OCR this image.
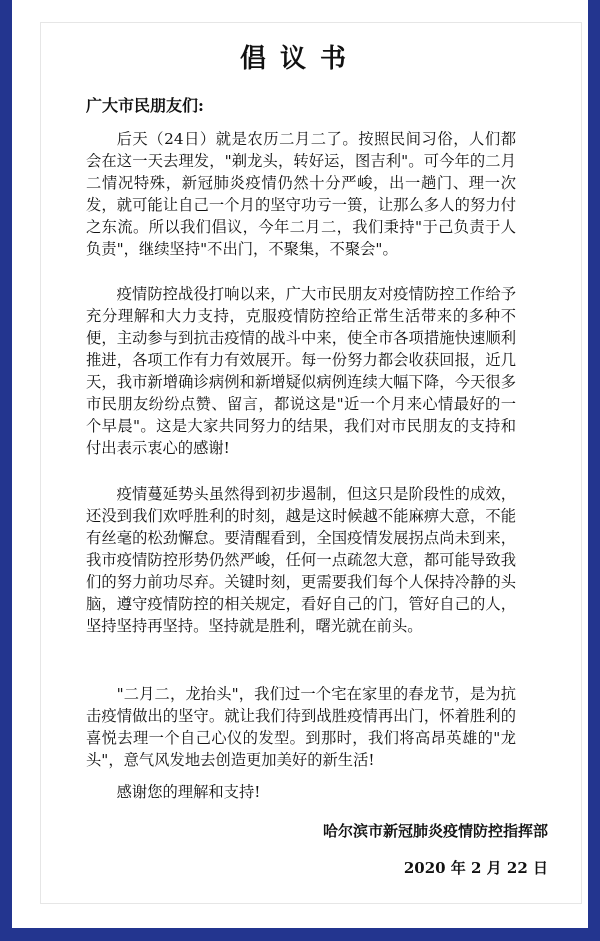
倡议书
广大市民朋友们:

后天（24日）就是农历二月二了。按照民间习俗，人们都会在这一天去理发，"剃龙头，转好运，图吉利"。可今年的二月二情况特殊，新冠肺炎疫情仍然十分严峻，出一趟门、理一次发，就可能让自己一个月的坚守功亏一篑，让那么多人的努力付之东流。所以我们倡议，今年二月二，我们秉持"于己负责于人负责"，继续坚持"不出门，不聚集，不聚会"。

疫情防控战役打响以来，广大市民朋友对疫情防控工作给予充分理解和大力支持，克服疫情防控给正常生活带来的多种不便，主动参与到抗击疫情的战斗中来，使全市各项措施快速顺利推进，各项工作有力有效展开。每一份努力都会收获回报，近几天，我市新增确诊病例和新增疑似病例连续大幅下降，今天很多市民朋友纷纷点赞、留言，都说这是"近一个月来心情最好的一个早晨"。这是大家共同努力的结果，我们对市民朋友的支持和付出表示衷心的感谢!

疫情蔓延势头虽然得到初步遏制，但这只是阶段性的成效，还没到我们欢呼胜利的时刻，越是这时候越不能麻痹大意，不能有丝毫的松劲懈怠。要清醒看到，全国疫情发展拐点尚未到来，我市疫情防控形势仍然严峻，任何一点疏忽大意，都可能导致我们的努力前功尽弃。关键时刻，更需要我们每个人保持冷静的头脑，遵守疫情防控的相关规定，看好自己的门，管好自己的人，坚持坚持再坚持。坚持就是胜利，曙光就在前头。

"二月二，龙抬头"，我们过一个宅在家里的春龙节，是为抗击疫情做出的坚守。就让我们待到战胜疫情再出门，怀着胜利的喜悦去理一个自己心仪的发型。到那时，我们将高昂英雄的"龙头"，意气风发地去创造更加美好的新生活!

感谢您的理解和支持!

哈尔滨市新冠肺炎疫情防控指挥部
2020 年 2 月 22 日
